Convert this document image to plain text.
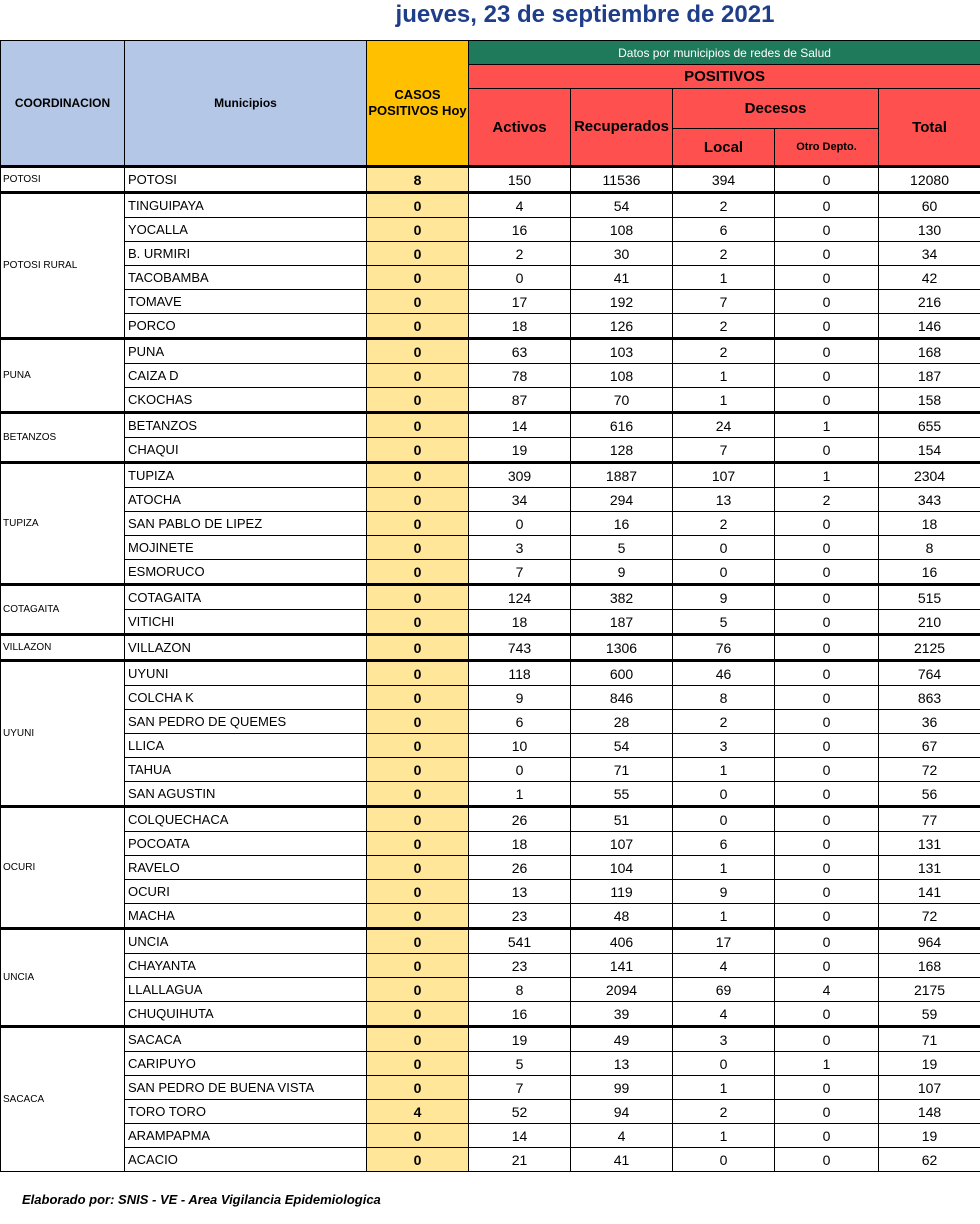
jueves, 23 de septiembre de 2021
COORDINACION	Municipios	CASOS POSITIVOS Hoy	Datos por municipios de redes de Salud				
			POSITIVOS				
			Activos	Recuperados	Decesos		Total
					Local	Otro Depto.	
POTOSI	POTOSI	8	150	11536	394	0	12080
POTOSI RURAL	TINGUIPAYA	0	4	54	2	0	60
	YOCALLA	0	16	108	6	0	130
	B. URMIRI	0	2	30	2	0	34
	TACOBAMBA	0	0	41	1	0	42
	TOMAVE	0	17	192	7	0	216
	PORCO	0	18	126	2	0	146
PUNA	PUNA	0	63	103	2	0	168
	CAIZA D	0	78	108	1	0	187
	CKOCHAS	0	87	70	1	0	158
BETANZOS	BETANZOS	0	14	616	24	1	655
	CHAQUI	0	19	128	7	0	154
TUPIZA	TUPIZA	0	309	1887	107	1	2304
	ATOCHA	0	34	294	13	2	343
	SAN PABLO DE LIPEZ	0	0	16	2	0	18
	MOJINETE	0	3	5	0	0	8
	ESMORUCO	0	7	9	0	0	16
COTAGAITA	COTAGAITA	0	124	382	9	0	515
	VITICHI	0	18	187	5	0	210
VILLAZON	VILLAZON	0	743	1306	76	0	2125
UYUNI	UYUNI	0	118	600	46	0	764
	COLCHA K	0	9	846	8	0	863
	SAN PEDRO DE QUEMES	0	6	28	2	0	36
	LLICA	0	10	54	3	0	67
	TAHUA	0	0	71	1	0	72
	SAN AGUSTIN	0	1	55	0	0	56
OCURI	COLQUECHACA	0	26	51	0	0	77
	POCOATA	0	18	107	6	0	131
	RAVELO	0	26	104	1	0	131
	OCURI	0	13	119	9	0	141
	MACHA	0	23	48	1	0	72
UNCIA	UNCIA	0	541	406	17	0	964
	CHAYANTA	0	23	141	4	0	168
	LLALLAGUA	0	8	2094	69	4	2175
	CHUQUIHUTA	0	16	39	4	0	59
SACACA	SACACA	0	19	49	3	0	71
	CARIPUYO	0	5	13	0	1	19
	SAN PEDRO DE BUENA VISTA	0	7	99	1	0	107
	TORO TORO	4	52	94	2	0	148
	ARAMPAPMA	0	14	4	1	0	19
	ACACIO	0	21	41	0	0	62
Elaborado por: SNIS - VE - Area Vigilancia Epidemiologica
